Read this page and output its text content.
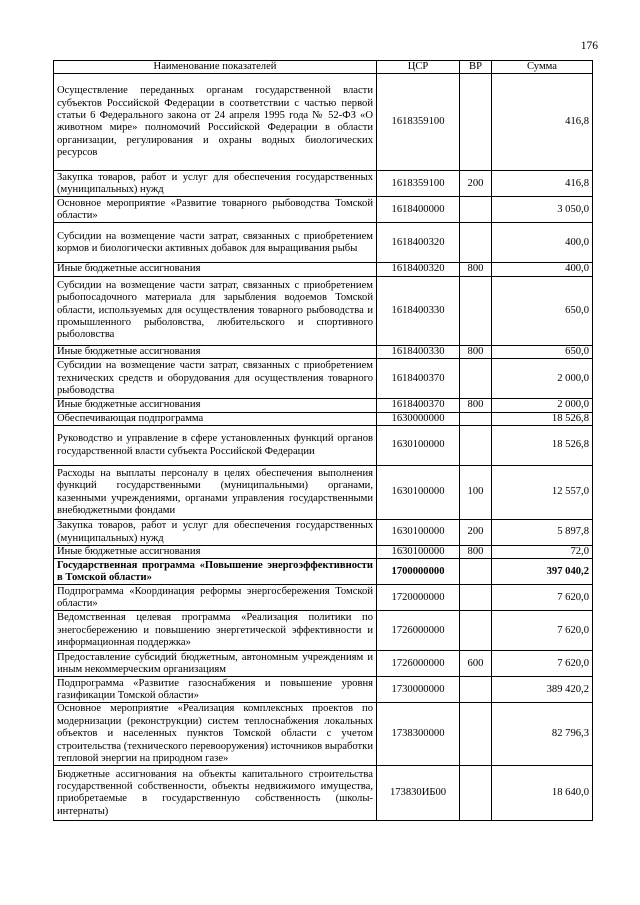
176
Наименование показателей	ЦСР	ВР	Сумма
Осуществление переданных органам государственной власти субъектов Российской Федерации в соответствии с частью первой статьи 6 Федерального закона от 24 апреля 1995 года № 52-ФЗ «О животном мире» полномочий Российской Федерации в области организации, регулирования и охраны водных биологических ресурсов	1618359100		416,8
Закупка товаров, работ и услуг для обеспечения государственных (муниципальных) нужд	1618359100	200	416,8
Основное мероприятие «Развитие товарного рыбоводства Томской области»	1618400000		3 050,0
Субсидии на возмещение части затрат, связанных с приобретением кормов и биологически активных добавок для выращивания рыбы	1618400320		400,0
Иные бюджетные ассигнования	1618400320	800	400,0
Субсидии на возмещение части затрат, связанных с приобретением рыбопосадочного материала для зарыбления водоемов Томской области, используемых для осуществления товарного рыбоводства и промышленного рыболовства, любительского и спортивного рыболовства	1618400330		650,0
Иные бюджетные ассигнования	1618400330	800	650,0
Субсидии на возмещение части затрат, связанных с приобретением технических средств и оборудования для осуществления товарного рыбоводства	1618400370		2 000,0
Иные бюджетные ассигнования	1618400370	800	2 000,0
Обеспечивающая подпрограмма	1630000000		18 526,8
Руководство и управление в сфере установленных функций органов государственной власти субъекта Российской Федерации	1630100000		18 526,8
Расходы на выплаты персоналу в целях обеспечения выполнения функций государственными (муниципальными) органами, казенными учреждениями, органами управления государственными внебюджетными фондами	1630100000	100	12 557,0
Закупка товаров, работ и услуг для обеспечения государственных (муниципальных) нужд	1630100000	200	5 897,8
Иные бюджетные ассигнования	1630100000	800	72,0
Государственная программа «Повышение энергоэффективности в Томской области»	1700000000		397 040,2
Подпрограмма «Координация реформы энергосбережения Томской области»	1720000000		7 620,0
Ведомственная целевая программа «Реализация политики по энегосбережению и повышению энергетической эффективности и информационная поддержка»	1726000000		7 620,0
Предоставление субсидий бюджетным, автономным учреждениям и иным некоммерческим организациям	1726000000	600	7 620,0
Подпрограмма «Развитие газоснабжения и повышение уровня газификации Томской области»	1730000000		389 420,2
Основное мероприятие «Реализация комплексных проектов по модернизации (реконструкции) систем теплоснабжения локальных объектов и населенных пунктов Томской области с учетом строительства (технического перевооружения) источников выработки тепловой энергии на природном газе»	1738300000		82 796,3
Бюджетные ассигнования на объекты капитального строительства государственной собственности, объекты недвижимого имущества, приобретаемые в государственную собственность (школы-интернаты)	173830ИБ00		18 640,0
